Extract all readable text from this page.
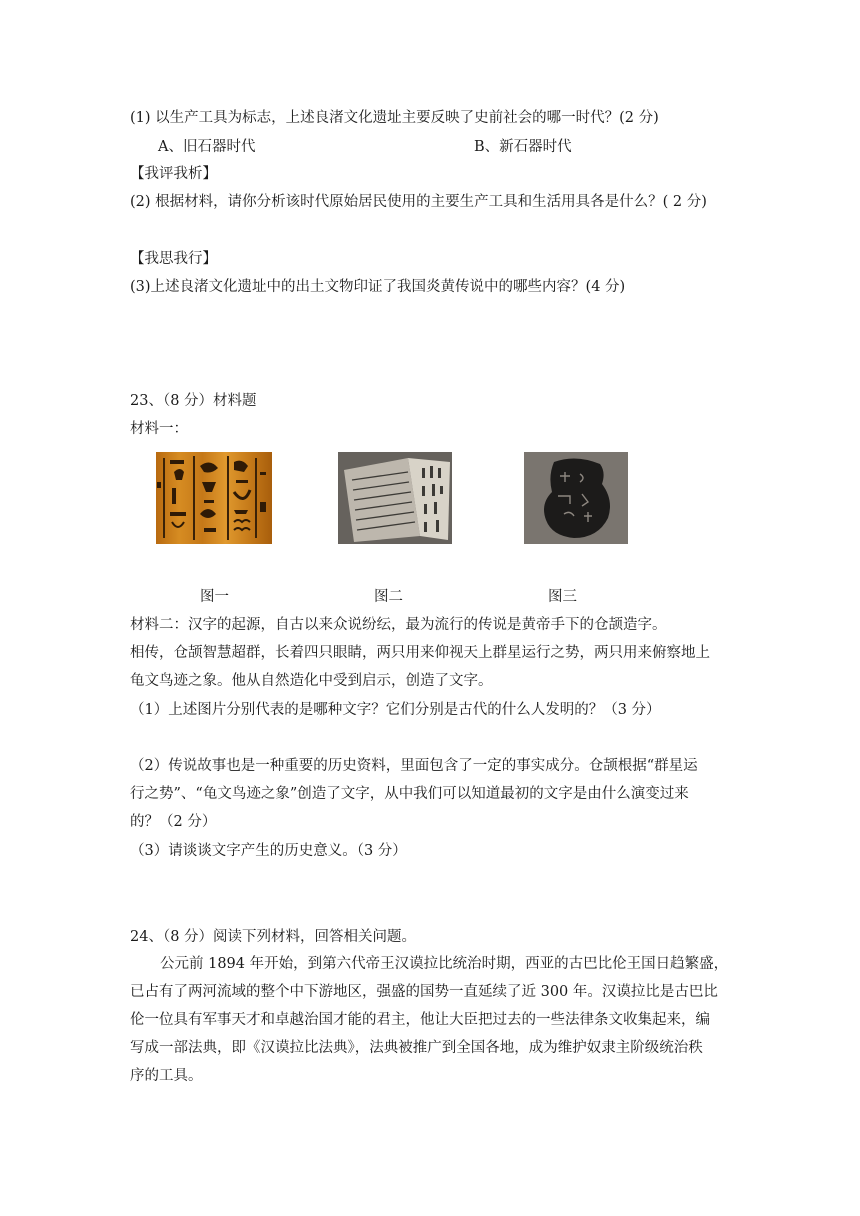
(1) 以生产工具为标志，上述良渚文化遗址主要反映了史前社会的哪一时代？(2 分)
A、旧石器时代	B、新石器时代
【我评我析】
(2) 根据材料，请你分析该时代原始居民使用的主要生产工具和生活用具各是什么？( 2 分)
【我思我行】
(3)上述良渚文化遗址中的出土文物印证了我国炎黄传说中的哪些内容？(4 分)
23、（8 分）材料题
材料一：
图一	图二	图三
材料二：汉字的起源，自古以来众说纷纭，最为流行的传说是黄帝手下的仓颉造字。
相传，仓颉智慧超群，长着四只眼睛，两只用来仰视天上群星运行之势，两只用来俯察地上
龟文鸟迹之象。他从自然造化中受到启示，创造了文字。
（1）上述图片分别代表的是哪种文字？它们分别是古代的什么人发明的？（3 分）
（2）传说故事也是一种重要的历史资料，里面包含了一定的事实成分。仓颉根据“群星运
行之势”、“龟文鸟迹之象”创造了文字，从中我们可以知道最初的文字是由什么演变过来
的？（2 分）
（3）请谈谈文字产生的历史意义。（3 分）
24、（8 分）阅读下列材料，回答相关问题。
公元前 1894 年开始，到第六代帝王汉谟拉比统治时期，西亚的古巴比伦王国日趋繁盛，
已占有了两河流域的整个中下游地区，强盛的国势一直延续了近 300 年。汉谟拉比是古巴比
伦一位具有军事天才和卓越治国才能的君主，他让大臣把过去的一些法律条文收集起来，编
写成一部法典，即《汉谟拉比法典》，法典被推广到全国各地，成为维护奴隶主阶级统治秩
序的工具。
